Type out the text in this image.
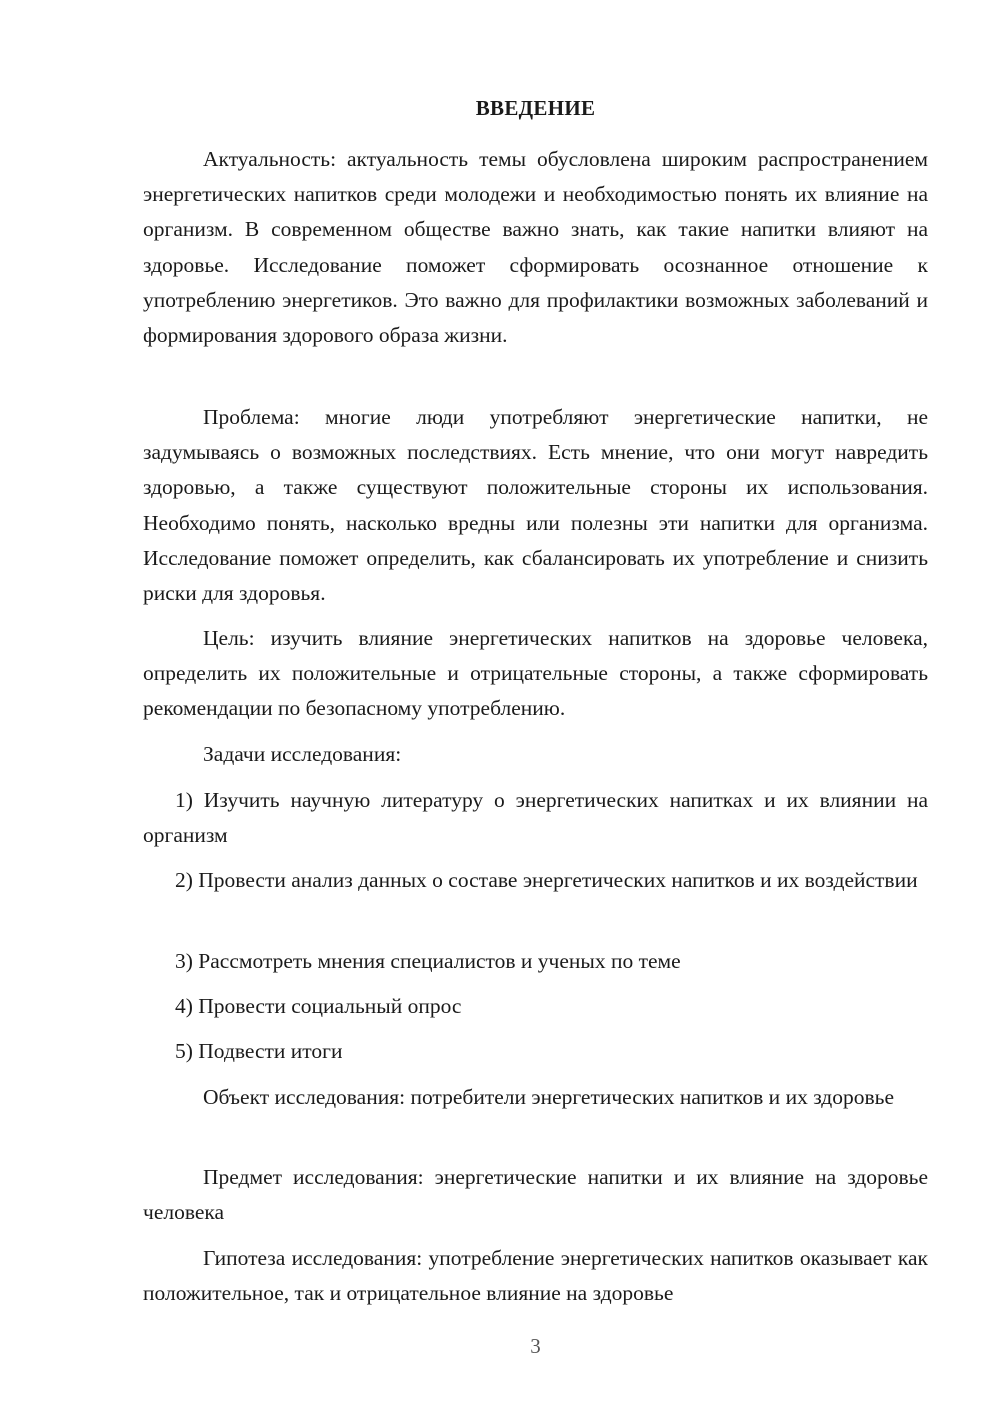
ВВЕДЕНИЕ

Актуальность: актуальность темы обусловлена широким распространением энергетических напитков среди молодежи и необходимостью понять их влияние на организм. В современном обществе важно знать, как такие напитки влияют на здоровье. Исследование поможет сформировать осознанное отношение к употреблению энергетиков. Это важно для профилактики возможных заболеваний и формирования здорового образа жизни.

Проблема: многие люди употребляют энергетические напитки, не задумываясь о возможных последствиях. Есть мнение, что они могут навредить здоровью, а также существуют положительные стороны их использования. Необходимо понять, насколько вредны или полезны эти напитки для организма. Исследование поможет определить, как сбалансировать их употребление и снизить риски для здоровья.

Цель: изучить влияние энергетических напитков на здоровье человека, определить их положительные и отрицательные стороны, а также сформировать рекомендации по безопасному употреблению.

Задачи исследования:

1) Изучить научную литературу о энергетических напитках и их влиянии на организм

2) Провести анализ данных о составе энергетических напитков и их воздействии

3) Рассмотреть мнения специалистов и ученых по теме

4) Провести социальный опрос

5) Подвести итоги

Объект исследования: потребители энергетических напитков и их здоровье

Предмет исследования: энергетические напитки и их влияние на здоровье человека

Гипотеза исследования: употребление энергетических напитков оказывает как положительное, так и отрицательное влияние на здоровье

3
